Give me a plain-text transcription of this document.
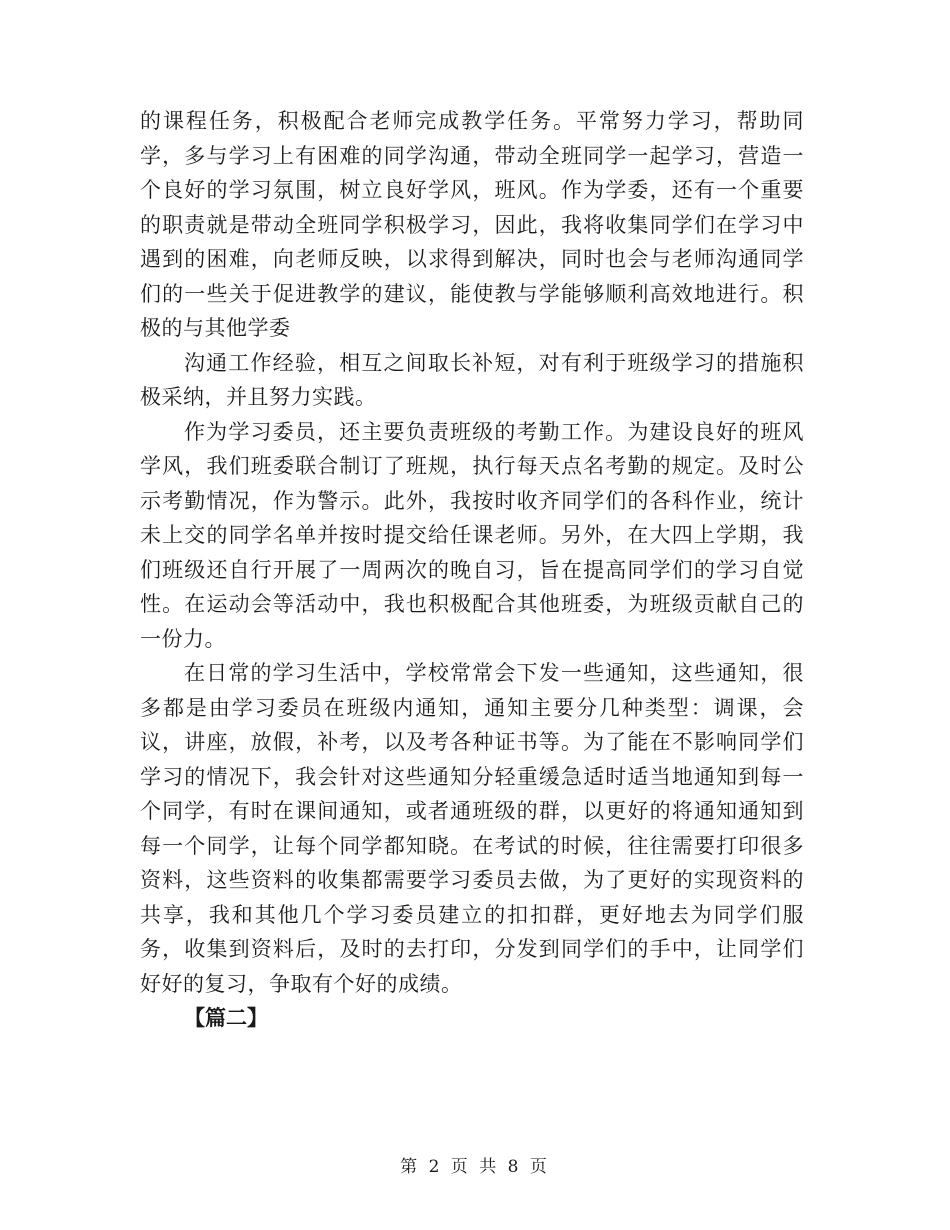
的课程任务，积极配合老师完成教学任务。平常努力学习，帮助同学，多与学习上有困难的同学沟通，带动全班同学一起学习，营造一个良好的学习氛围，树立良好学风，班风。作为学委，还有一个重要的职责就是带动全班同学积极学习，因此，我将收集同学们在学习中遇到的困难，向老师反映，以求得到解决，同时也会与老师沟通同学们的一些关于促进教学的建议，能使教与学能够顺利高效地进行。积极的与其他学委

沟通工作经验，相互之间取长补短，对有利于班级学习的措施积极采纳，并且努力实践。

作为学习委员，还主要负责班级的考勤工作。为建设良好的班风学风，我们班委联合制订了班规，执行每天点名考勤的规定。及时公示考勤情况，作为警示。此外，我按时收齐同学们的各科作业，统计未上交的同学名单并按时提交给任课老师。另外，在大四上学期，我们班级还自行开展了一周两次的晚自习，旨在提高同学们的学习自觉性。在运动会等活动中，我也积极配合其他班委，为班级贡献自己的一份力。

在日常的学习生活中，学校常常会下发一些通知，这些通知，很多都是由学习委员在班级内通知，通知主要分几种类型：调课，会议，讲座，放假，补考，以及考各种证书等。为了能在不影响同学们学习的情况下，我会针对这些通知分轻重缓急适时适当地通知到每一个同学，有时在课间通知，或者通班级的群，以更好的将通知通知到每一个同学，让每个同学都知晓。在考试的时候，往往需要打印很多资料，这些资料的收集都需要学习委员去做，为了更好的实现资料的共享，我和其他几个学习委员建立的扣扣群，更好地去为同学们服务，收集到资料后，及时的去打印，分发到同学们的手中，让同学们好好的复习，争取有个好的成绩。

【篇二】

第 2 页 共 8 页
